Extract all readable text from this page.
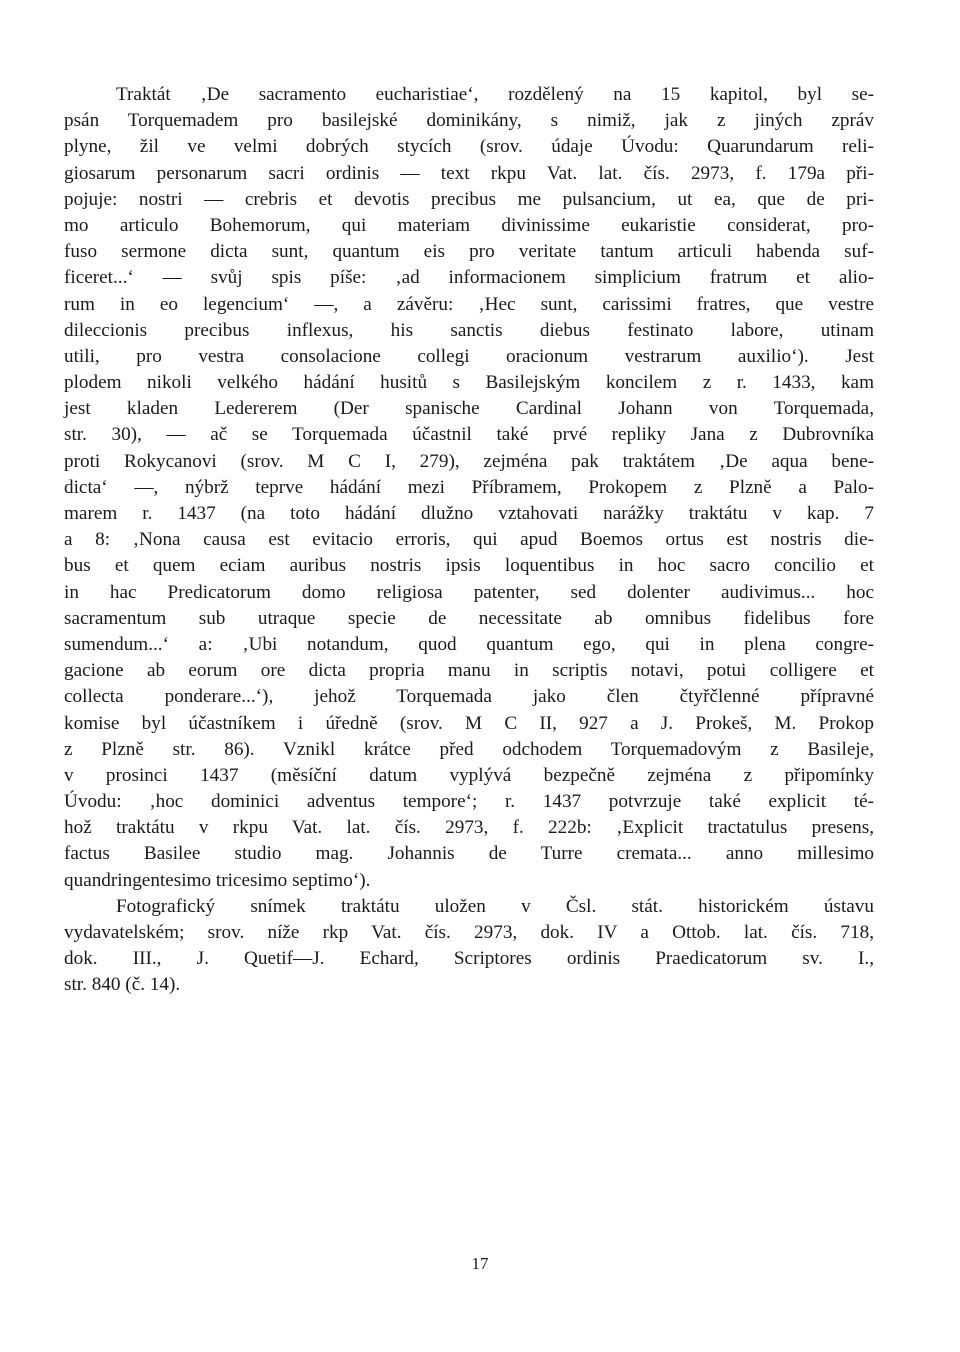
Traktát ‚De sacramento eucharistiae‘, rozdělený na 15 kapitol, byl se-
psán Torquemadem pro basilejské dominikány, s nimiž, jak z jiných zpráv
plyne, žil ve velmi dobrých stycích (srov. údaje Úvodu: Quarundarum reli-
giosarum personarum sacri ordinis — text rkpu Vat. lat. čís. 2973, f. 179a při-
pojuje: nostri — crebris et devotis precibus me pulsancium, ut ea, que de pri-
mo articulo Bohemorum, qui materiam divinissime eukaristie considerat, pro-
fuso sermone dicta sunt, quantum eis pro veritate tantum articuli habenda suf-
ficeret...‘ — svůj spis píše: ‚ad informacionem simplicium fratrum et alio-
rum in eo legencium‘ —, a závěru: ‚Hec sunt, carissimi fratres, que vestre
dileccionis precibus inflexus, his sanctis diebus festinato labore, utinam
utili, pro vestra consolacione collegi oracionum vestrarum auxilio‘). Jest
plodem nikoli velkého hádání husitů s Basilejským koncilem z r. 1433, kam
jest kladen Ledererem (Der spanische Cardinal Johann von Torquemada,
str. 30), — ač se Torquemada účastnil také prvé repliky Jana z Dubrovníka
proti Rokycanovi (srov. M C I, 279), zejména pak traktátem ‚De aqua bene-
dicta‘ —, nýbrž teprve hádání mezi Příbramem, Prokopem z Plzně a Palo-
marem r. 1437 (na toto hádání dlužno vztahovati narážky traktátu v kap. 7
a 8: ‚Nona causa est evitacio erroris, qui apud Boemos ortus est nostris die-
bus et quem eciam auribus nostris ipsis loquentibus in hoc sacro concilio et
in hac Predicatorum domo religiosa patenter, sed dolenter audivimus... hoc
sacramentum sub utraque specie de necessitate ab omnibus fidelibus fore
sumendum...‘ a: ‚Ubi notandum, quod quantum ego, qui in plena congre-
gacione ab eorum ore dicta propria manu in scriptis notavi, potui colligere et
collecta ponderare...‘), jehož Torquemada jako člen čtyřčlenné přípravné
komise byl účastníkem i úředně (srov. M C II, 927 a J. Prokeš, M. Prokop
z Plzně str. 86). Vznikl krátce před odchodem Torquemadovým z Basileje,
v prosinci 1437 (měsíční datum vyplývá bezpečně zejména z připomínky
Úvodu: ‚hoc dominici adventus tempore‘; r. 1437 potvrzuje také explicit té-
hož traktátu v rkpu Vat. lat. čís. 2973, f. 222b: ‚Explicit tractatulus presens,
factus Basilee studio mag. Johannis de Turre cremata... anno millesimo
quandringentesimo tricesimo septimo‘).
Fotografický snímek traktátu uložen v Čsl. stát. historickém ústavu
vydavatelském; srov. níže rkp Vat. čís. 2973, dok. IV a Ottob. lat. čís. 718,
dok. III., J. Quetif—J. Echard, Scriptores ordinis Praedicatorum sv. I.,
str. 840 (č. 14).
17
